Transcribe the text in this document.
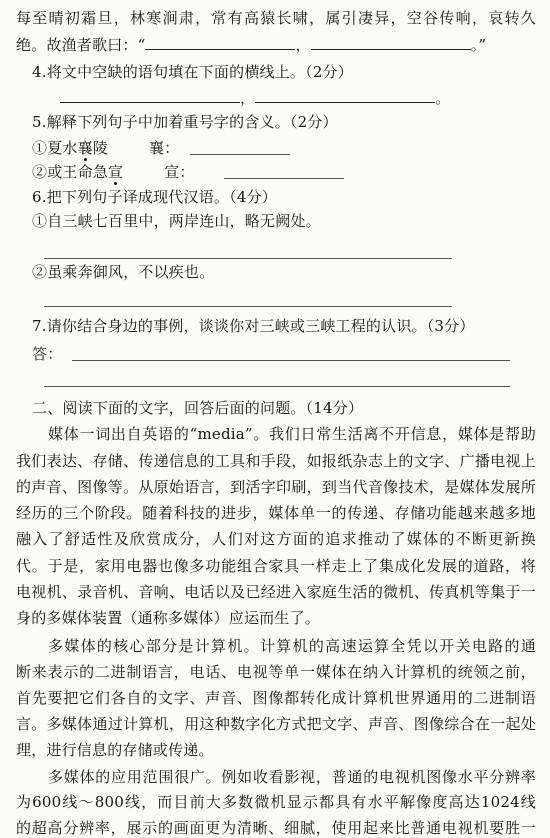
每至晴初霜旦，林寒涧肃，常有高猿长啸，属引凄异，空谷传响，哀转久
绝。故渔者歌曰：“	，	。”
4.将文中空缺的语句填在下面的横线上。（2分）
，	。
5.解释下列句子中加着重号字的含义。（2分）
①夏水襄陵	襄：
②或王命急宣	宣：
6.把下列句子译成现代汉语。（4分）
①自三峡七百里中，两岸连山，略无阙处。
②虽乘奔御风，不以疾也。
7.请你结合身边的事例，谈谈你对三峡或三峡工程的认识。（3分）
答：
二、阅读下面的文字，回答后面的问题。（14分）
媒体一词出自英语的“media”。我们日常生活离不开信息，媒体是帮助
我们表达、存储、传递信息的工具和手段，如报纸杂志上的文字、广播电视上
的声音、图像等。从原始语言，到活字印刷，到当代音像技术，是媒体发展所
经历的三个阶段。随着科技的进步，媒体单一的传递、存储功能越来越多地
融入了舒适性及欣赏成分，人们对这方面的追求推动了媒体的不断更新换
代。于是，家用电器也像多功能组合家具一样走上了集成化发展的道路，将
电视机、录音机、音响、电话以及已经进入家庭生活的微机、传真机等集于一
身的多媒体装置（通称多媒体）应运而生了。
多媒体的核心部分是计算机。计算机的高速运算全凭以开关电路的通
断来表示的二进制语言，电话、电视等单一媒体在纳入计算机的统领之前，
首先要把它们各自的文字、声音、图像都转化成计算机世界通用的二进制语
言。多媒体通过计算机，用这种数字化方式把文字、声音、图像综合在一起处
理，进行信息的存储或传递。
多媒体的应用范围很广。例如收看影视，普通的电视机图像水平分辨率
为600线～800线，而目前大多数微机显示都具有水平解像度高达1024线
的超高分辨率，展示的画面更为清晰、细腻，使用起来比普通电视机要胜一
